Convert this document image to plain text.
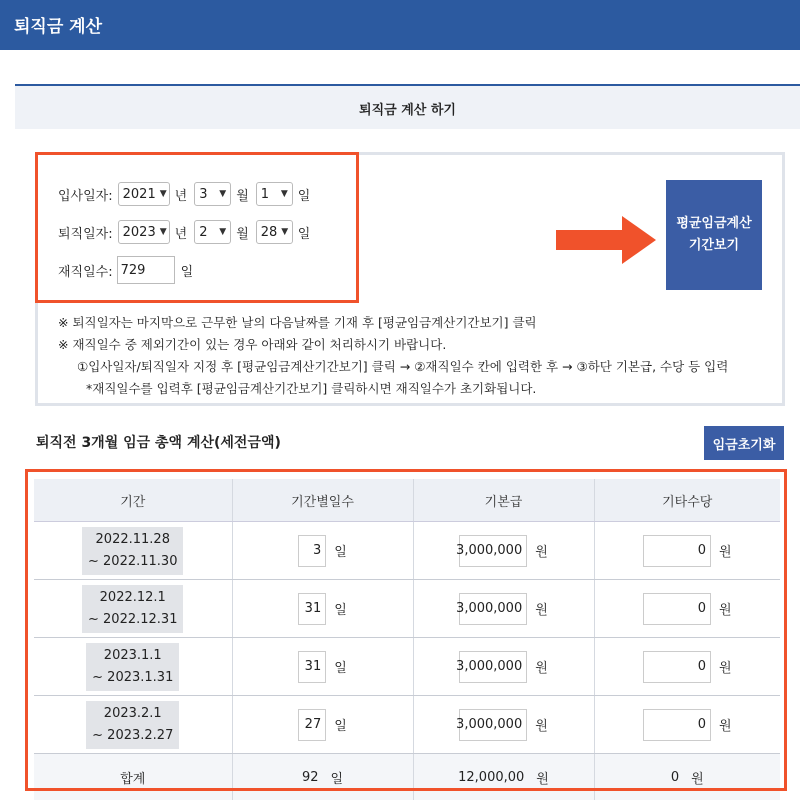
퇴직금 계산
퇴직금 계산 하기
입사일자: 2021 ▼ 년 3 ▼ 월 1 ▼ 일
퇴직일자: 2023 ▼ 년 2 ▼ 월 28 ▼ 일
재직일수: 729	일
평균임금계산
기간보기
※ 퇴직일자는 마지막으로 근무한 날의 다음날짜를 기재 후 [평균임금계산기간보기] 클릭
※ 재직일수 중 제외기간이 있는 경우 아래와 같이 처리하시기 바랍니다.
①입사일자/퇴직일자 지정 후 [평균임금계산기간보기] 클릭 → ②재직일수 칸에 입력한 후 → ③하단 기본급, 수당 등 입력
*재직일수를 입력후 [평균임금계산기간보기] 클릭하시면 재직일수가 초기화됩니다.
퇴직전 3개월 임금 총액 계산(세전금액)	임금초기화
기간	기간별일수	기본급	기타수당
2022.11.28
~ 2022.11.30	3 일	3,000,000 원	0 원

2022.12.1
~ 2022.12.31	31 일	3,000,000 원	0 원

2023.1.1
~ 2023.1.31	31 일	3,000,000 원	0 원

2023.2.1
~ 2023.2.27	27 일	3,000,000 원	0 원

합계	92 일	12,000,00 원	0 원
